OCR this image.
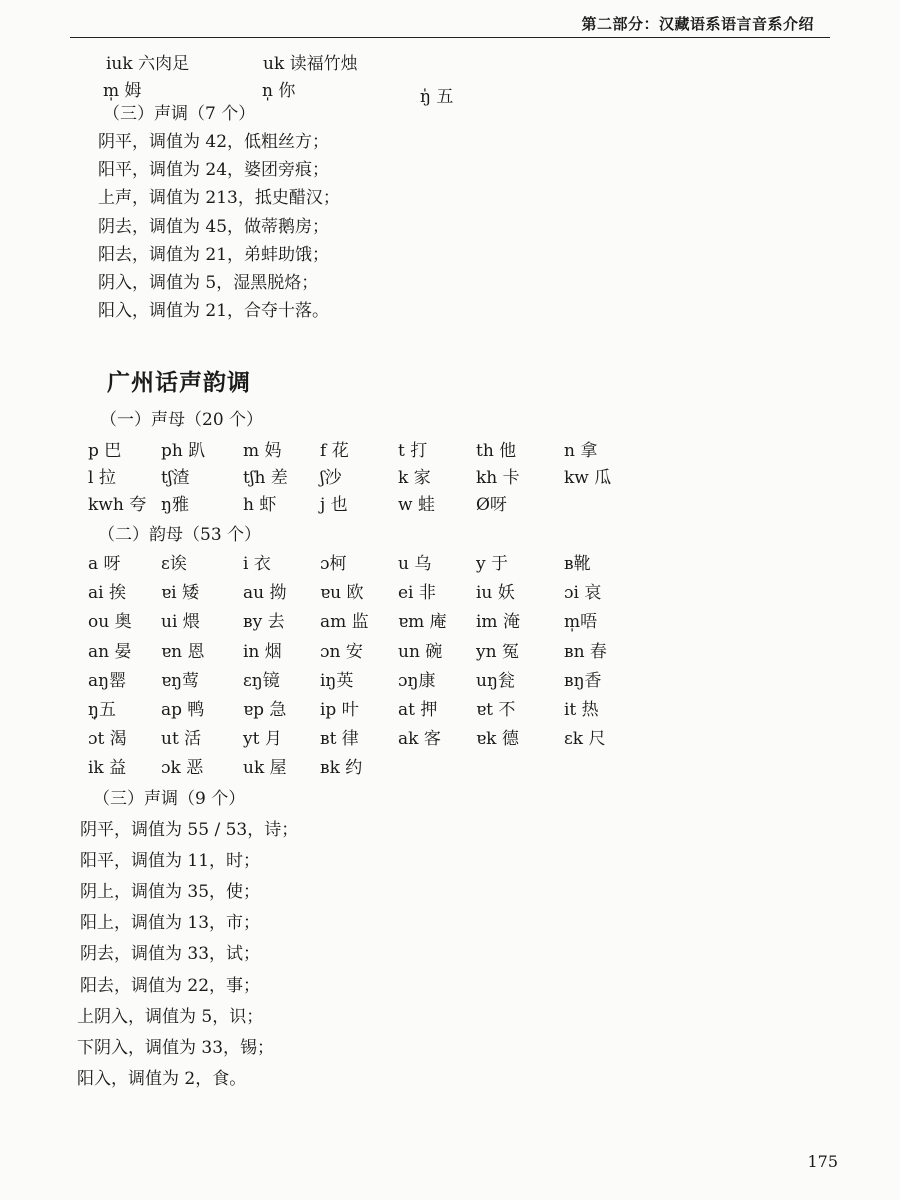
第二部分：汉藏语系语言音系介绍
iuk 六肉足	uk 读福竹烛
m̩ 姆	n̩ 你	ŋ̍ 五
（三）声调（7 个）
阴平，调值为 42，低粗丝方；
阳平，调值为 24，婆团旁痕；
上声，调值为 213，抵史醋汉；
阴去，调值为 45，做蒂鹅房；
阳去，调值为 21，弟蚌助饿；
阴入，调值为 5，湿黑脱烙；
阳入，调值为 21，合夺十落。
广州话声韵调
（一）声母（20 个）
p 巴 ph 趴 m 妈 f 花	t 打	th 他	n 拿
l 拉	tʃ渣	tʃh 差 ʃ沙	k 家	kh 卡	kw 瓜
kwh 夸 ŋ雅	h 虾	j 也	w 蛙 Ø呀
（二）韵母（53 个）
a 呀 ɛ诶	i 衣	ɔ柯	u 乌	y 于	ʙ靴
ai 挨 ɐi 矮	au 拗 ɐu 欧 ei 非 iu 妖	ɔi 哀
ou 奥 ui 煨	ʙy 去 am 监 ɐm 庵 im 淹	m̩唔
an 晏 ɐn 恩 in 烟 ɔn 安 un 碗 yn 冤	ʙn 春
aŋ罂 ɐŋ莺	ɛŋ镜 iŋ英	ɔŋ康 uŋ瓮	ʙŋ香
ŋ̩五	ap 鸭 ɐp 急 ip 叶 at 押 ɐt 不	it 热
ɔt 渴 ut 活 yt 月 ʙt 律 ak 客 ɐk 德	ɛk 尺
ik 益 ɔk 恶 uk 屋 ʙk 约
（三）声调（9 个）
阴平，调值为 55 / 53，诗；
阳平，调值为 11，时；
阴上，调值为 35，使；
阳上，调值为 13，市；
阴去，调值为 33，试；
阳去，调值为 22，事；
上阴入，调值为 5，识；
下阴入，调值为 33，锡；
阳入，调值为 2，食。
175
